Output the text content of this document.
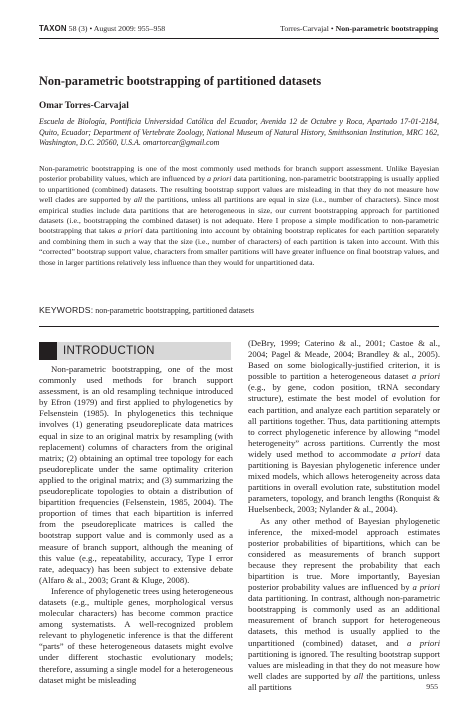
TAXON 58 (3) • August 2009: 955–958	Torres-Carvajal • Non-parametric bootstrapping
Non-parametric bootstrapping of partitioned datasets

Omar Torres-Carvajal

Escuela de Biología, Pontificia Universidad Católica del Ecuador, Avenida 12 de Octubre y Roca, Apartado 17-01-2184, Quito, Ecuador; Department of Vertebrate Zoology, National Museum of Natural History, Smithsonian Institution, MRC 162, Washington, D.C. 20560, U.S.A. omartorcar@gmail.com

Non-parametric bootstrapping is one of the most commonly used methods for branch support assessment. Unlike Bayesian posterior probability values, which are influenced by a priori data partitioning, non-parametric bootstrapping is usually applied to unpartitioned (combined) datasets. The resulting bootstrap support values are misleading in that they do not measure how well clades are supported by all the partitions, unless all partitions are equal in size (i.e., number of characters). Since most empirical studies include data partitions that are heterogeneous in size, our current bootstrapping approach for partitioned datasets (i.e., bootstrapping the combined dataset) is not adequate. Here I propose a simple modification to non-parametric bootstrapping that takes a priori data partitioning into account by obtaining bootstrap replicates for each partition separately and combining them in such a way that the size (i.e., number of characters) of each partition is taken into account. With this “corrected” bootstrap support value, characters from smaller partitions will have greater influence on final bootstrap values, and those in larger partitions relatively less influence than they would for unpartitioned data.

KEYWORDS: non-parametric bootstrapping, partitioned datasets

INTRODUCTION

Non-parametric bootstrapping, one of the most commonly used methods for branch support assessment, is an old resampling technique introduced by Efron (1979) and first applied to phylogenetics by Felsenstein (1985). In phylogenetics this technique involves (1) generating pseudoreplicate data matrices equal in size to an original matrix by resampling (with replacement) columns of characters from the original matrix; (2) obtaining an optimal tree topology for each pseudoreplicate under the same optimality criterion applied to the original matrix; and (3) summarizing the pseudoreplicate topologies to obtain a distribution of bipartition frequencies (Felsenstein, 1985, 2004). The proportion of times that each bipartition is inferred from the pseudoreplicate matrices is called the bootstrap support value and is commonly used as a measure of branch support, although the meaning of this value (e.g., repeatability, accuracy, Type I error rate, adequacy) has been subject to extensive debate (Alfaro & al., 2003; Grant & Kluge, 2008).

Inference of phylogenetic trees using heterogeneous datasets (e.g., multiple genes, morphological versus molecular characters) has become common practice among systematists. A well-recognized problem relevant to phylogenetic inference is that the different “parts” of these heterogeneous datasets might evolve under different stochastic evolutionary models; therefore, assuming a single model for a heterogeneous dataset might be misleading

(DeBry, 1999; Caterino & al., 2001; Castoe & al., 2004; Pagel & Meade, 2004; Brandley & al., 2005). Based on some biologically-justified criterion, it is possible to partition a heterogeneous dataset a priori (e.g., by gene, codon position, tRNA secondary structure), estimate the best model of evolution for each partition, and analyze each partition separately or all partitions together. Thus, data partitioning attempts to correct phylogenetic inference by allowing “model heterogeneity” across partitions. Currently the most widely used method to accommodate a priori data partitioning is Bayesian phylogenetic inference under mixed models, which allows heterogeneity across data partitions in overall evolution rate, substitution model parameters, topology, and branch lengths (Ronquist & Huelsenbeck, 2003; Nylander & al., 2004).

As any other method of Bayesian phylogenetic inference, the mixed-model approach estimates posterior probabilities of bipartitions, which can be considered as measurements of branch support because they represent the probability that each bipartition is true. More importantly, Bayesian posterior probability values are influenced by a priori data partitioning. In contrast, although non-parametric bootstrapping is commonly used as an additional measurement of branch support for heterogeneous datasets, this method is usually applied to the unpartitioned (combined) dataset, and a priori partitioning is ignored. The resulting bootstrap support values are misleading in that they do not measure how well clades are supported by all the partitions, unless all partitions	955
